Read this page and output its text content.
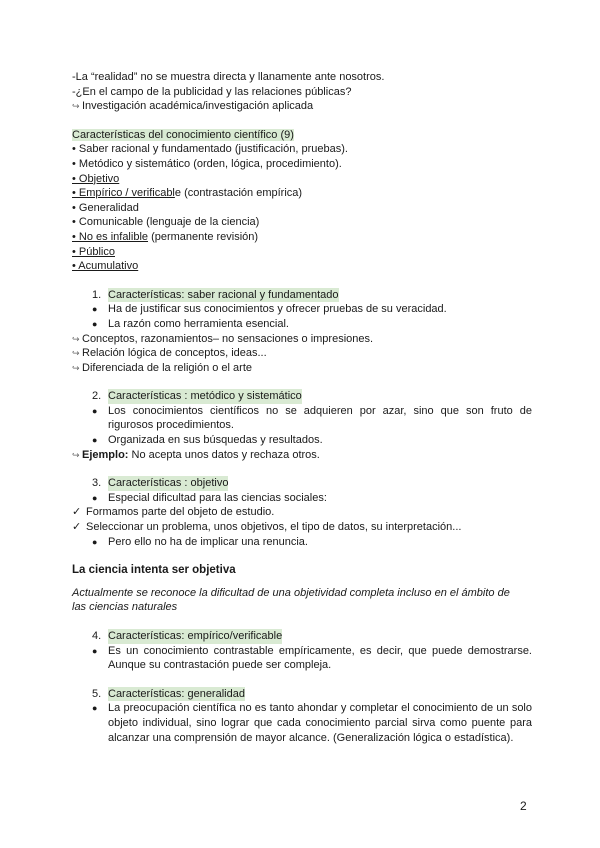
-La “realidad” no se muestra directa y llanamente ante nosotros.
-¿En el campo de la publicidad y las relaciones públicas?
↪ Investigación académica/investigación aplicada
Características del conocimiento científico (9)
• Saber racional y fundamentado (justificación, pruebas).
• Metódico y sistemático (orden, lógica, procedimiento).
• Objetivo
• Empírico / verificable (contrastación empírica)
• Generalidad
• Comunicable (lenguaje de la ciencia)
• No es infalible (permanente revisión)
• Público
• Acumulativo
1. Características: saber racional y fundamentado
● Ha de justificar sus conocimientos y ofrecer pruebas de su veracidad.
● La razón como herramienta esencial.
↪ Conceptos, razonamientos– no sensaciones o impresiones.
↪ Relación lógica de conceptos, ideas...
↪ Diferenciada de la religión o el arte
2. Características : metódico y sistemático
● Los conocimientos científicos no se adquieren por azar, sino que son fruto de rigurosos procedimientos.
● Organizada en sus búsquedas y resultados.
↪ Ejemplo: No acepta unos datos y rechaza otros.
3. Características : objetivo
● Especial dificultad para las ciencias sociales:
✓ Formamos parte del objeto de estudio.
✓ Seleccionar un problema, unos objetivos, el tipo de datos, su interpretación...
● Pero ello no ha de implicar una renuncia.
La ciencia intenta ser objetiva
Actualmente se reconoce la dificultad de una objetividad completa incluso en el ámbito de las ciencias naturales
4. Características: empírico/verificable
● Es un conocimiento contrastable empíricamente, es decir, que puede demostrarse. Aunque su contrastación puede ser compleja.
5. Características: generalidad
● La preocupación científica no es tanto ahondar y completar el conocimiento de un solo objeto individual, sino lograr que cada conocimiento parcial sirva como puente para alcanzar una comprensión de mayor alcance. (Generalización lógica o estadística).
2
